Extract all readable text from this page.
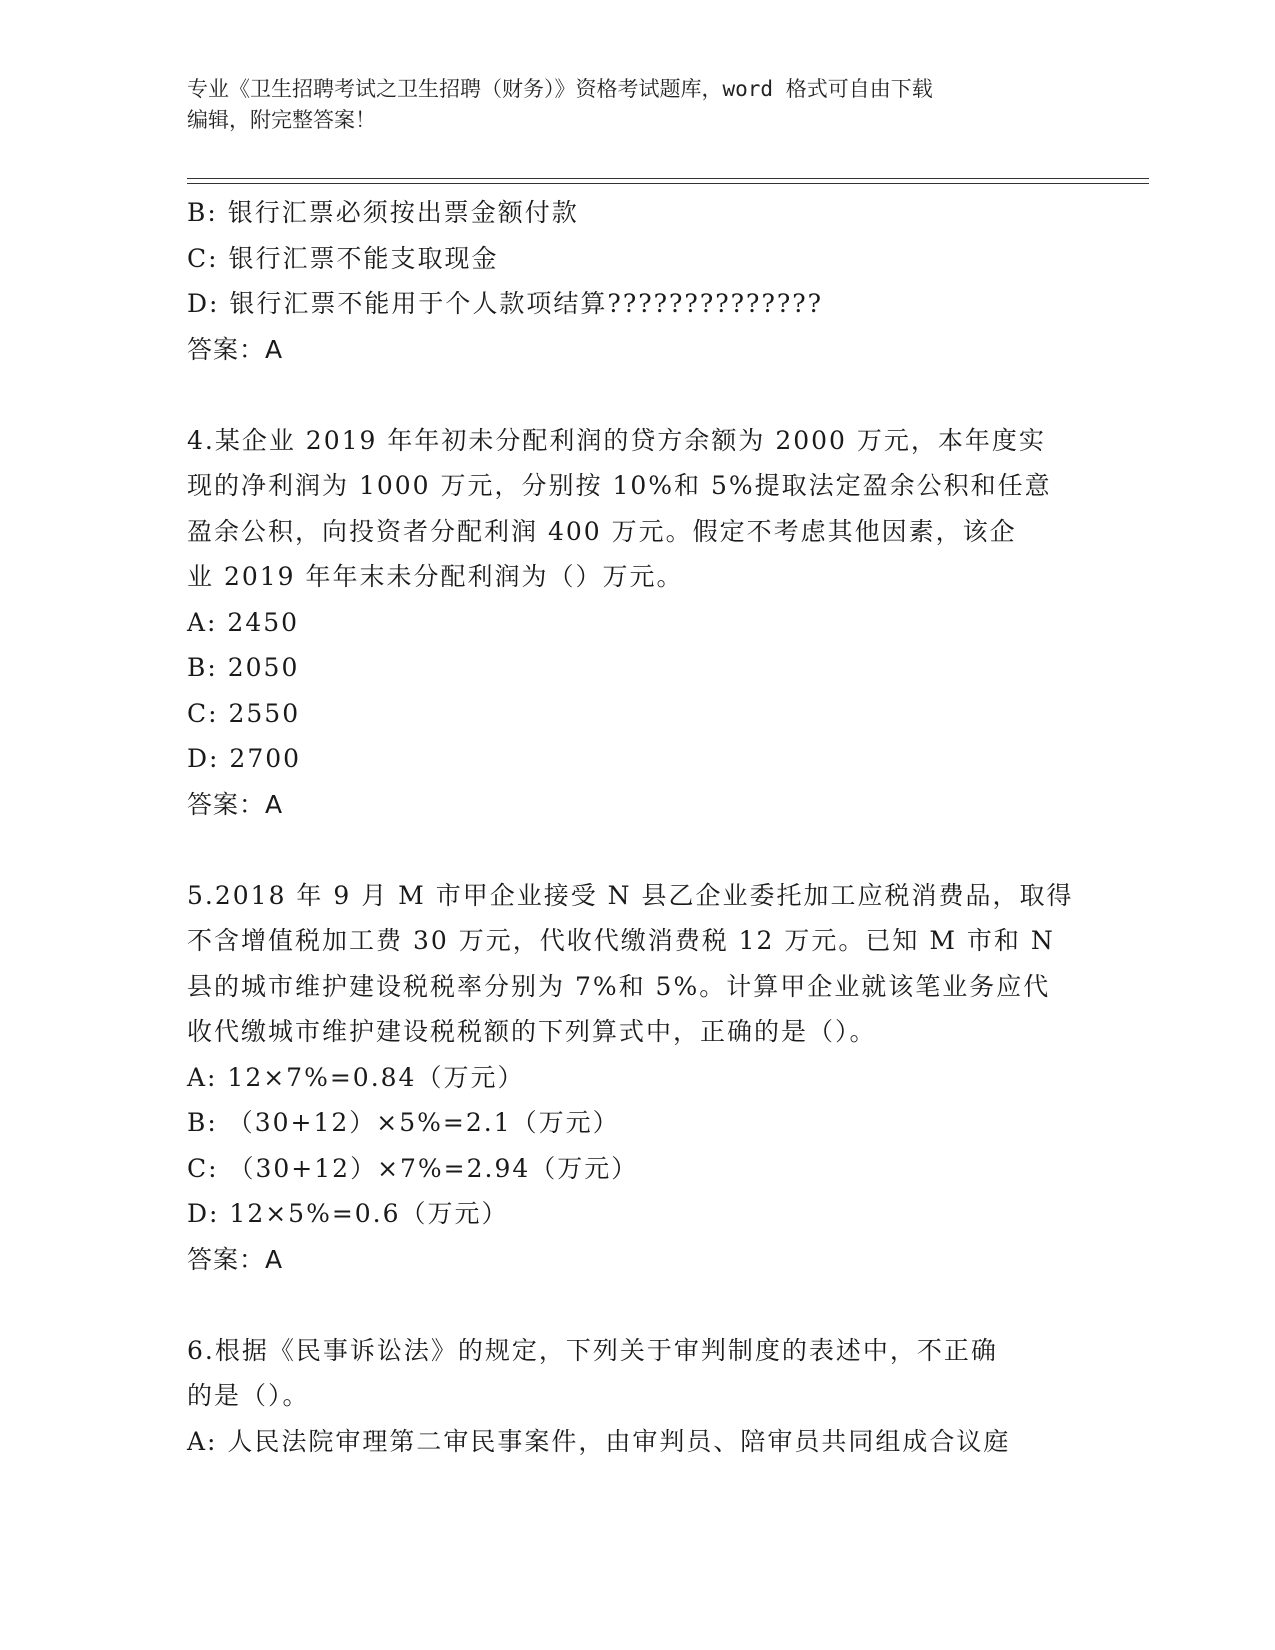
专业《卫生招聘考试之卫生招聘（财务）》资格考试题库，word 格式可自由下载
编辑，附完整答案！
B: 银行汇票必须按出票金额付款
C: 银行汇票不能支取现金
D: 银行汇票不能用于个人款项结算??????????????
答案：A
4.某企业 2019 年年初未分配利润的贷方余额为 2000 万元，本年度实
现的净利润为 1000 万元，分别按 10%和 5%提取法定盈余公积和任意
盈余公积，向投资者分配利润 400 万元。假定不考虑其他因素，该企
业 2019 年年末未分配利润为（）万元。
A: 2450
B: 2050
C: 2550
D: 2700
答案：A
5.2018 年 9 月 M 市甲企业接受 N 县乙企业委托加工应税消费品，取得
不含增值税加工费 30 万元，代收代缴消费税 12 万元。已知 M 市和 N
县的城市维护建设税税率分别为 7%和 5%。计算甲企业就该笔业务应代
收代缴城市维护建设税税额的下列算式中，正确的是（）。
A: 12×7%=0.84（万元）
B: （30+12）×5%=2.1（万元）
C: （30+12）×7%=2.94（万元）
D: 12×5%=0.6（万元）
答案：A
6.根据《民事诉讼法》的规定，下列关于审判制度的表述中，不正确
的是（）。
A: 人民法院审理第二审民事案件，由审判员、陪审员共同组成合议庭
